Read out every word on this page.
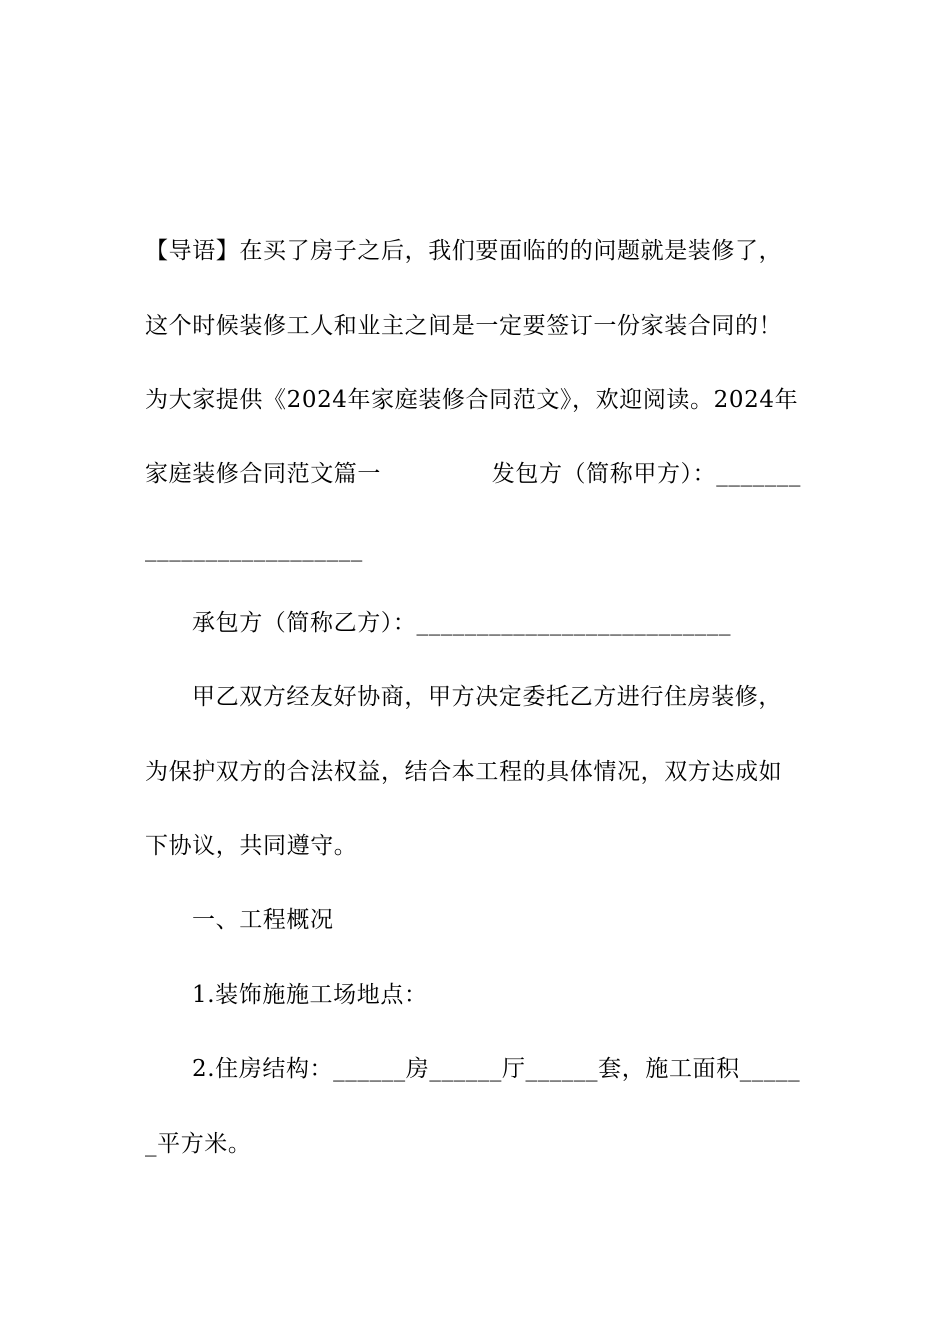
【导语】在买了房子之后，我们要面临的的问题就是装修了，
这个时候装修工人和业主之间是一定要签订一份家装合同的！
为大家提供《2024年家庭装修合同范文》，欢迎阅读。2024年
家庭装修合同范文篇一              发包方（简称甲方）：_______
__________________
承包方（简称乙方）：__________________________
甲乙双方经友好协商，甲方决定委托乙方进行住房装修，
为保护双方的合法权益，结合本工程的具体情况，双方达成如
下协议，共同遵守。
一、工程概况
1.装饰施施工场地点：
2.住房结构：______房______厅______套，施工面积_____
_平方米。
